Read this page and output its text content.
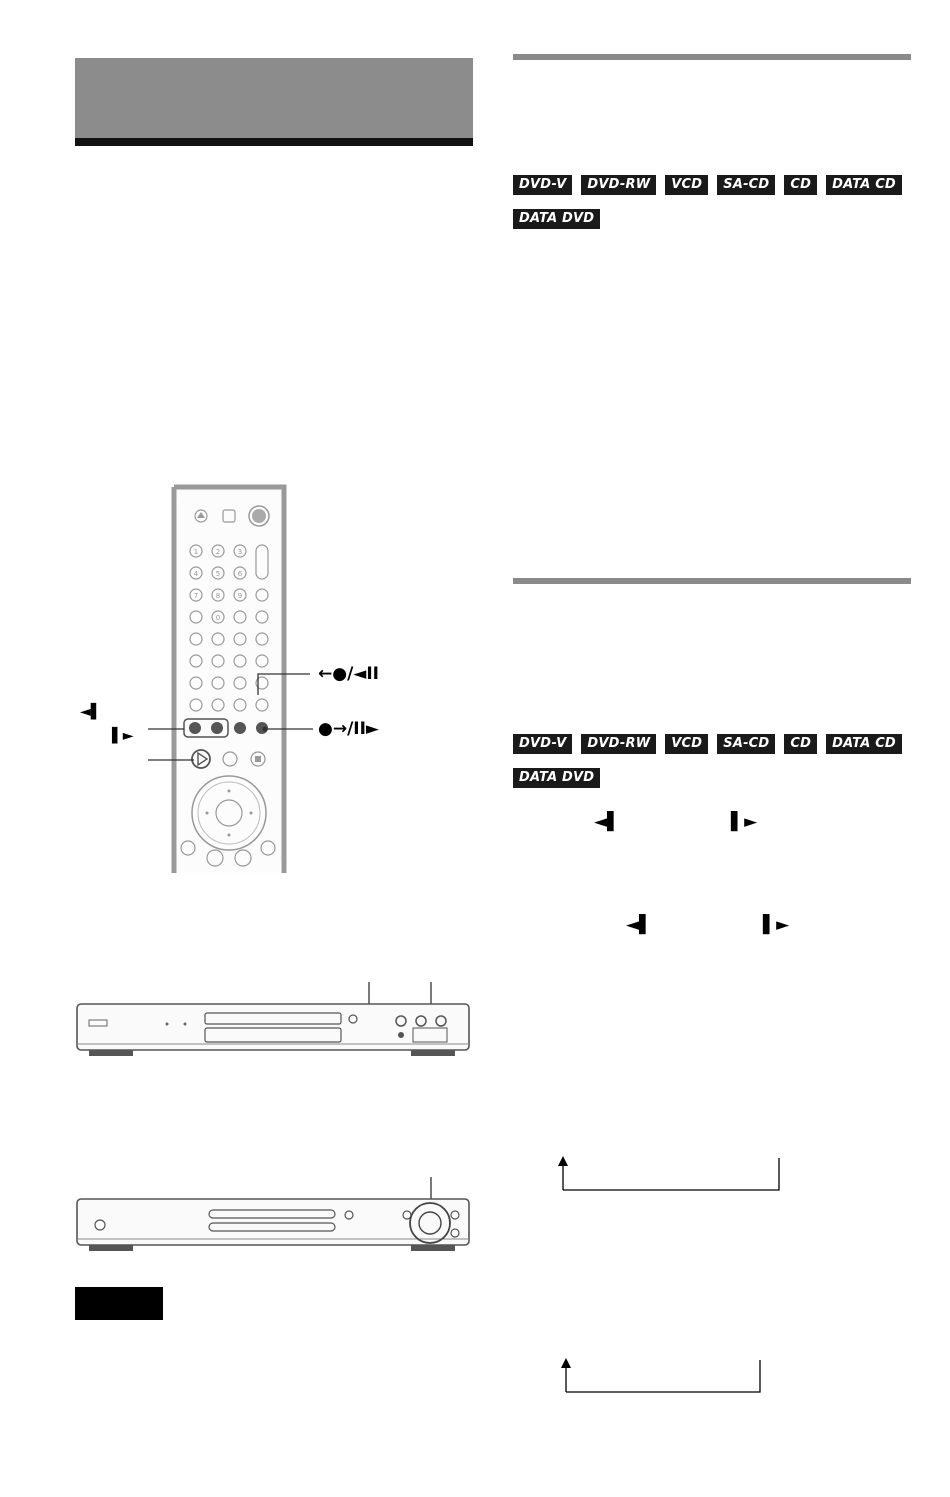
DVD-V	DVD-RW	VCD	SA-CD	CD	DATA CD
DATA DVD
DVD-V	DVD-RW	VCD	SA-CD	CD	DATA CD
DATA DVD
◄▌	▌►
◄▌	▌►
1	2	3
4	5	6
7	8	9
0
←●/◄II
●→/II►
◄▌
▌►
